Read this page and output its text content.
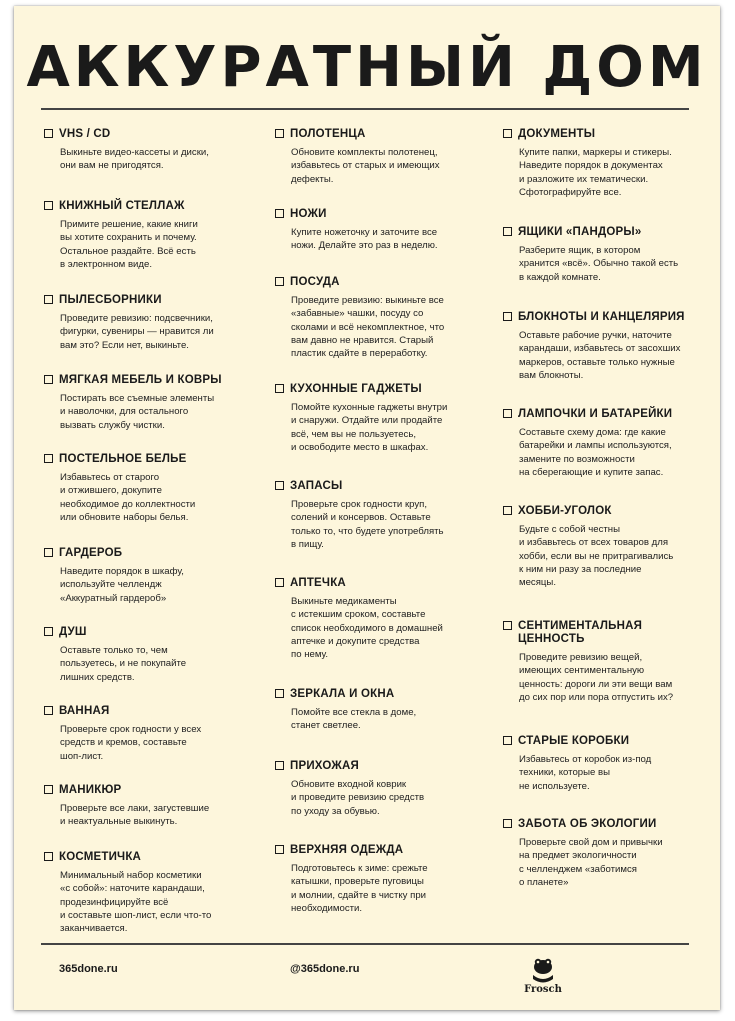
АККУРАТНЫЙ ДОМ
VHS / CD
Выкиньте видео-кассеты и диски,
они вам не пригодятся.
КНИЖНЫЙ СТЕЛЛАЖ
Примите решение, какие книги
вы хотите сохранить и почему.
Остальное раздайте. Всё есть
в электронном виде.
ПЫЛЕСБОРНИКИ
Проведите ревизию: подсвечники,
фигурки, сувениры — нравится ли
вам это? Если нет, выкиньте.
МЯГКАЯ МЕБЕЛЬ И КОВРЫ
Постирать все съемные элементы
и наволочки, для остального
вызвать службу чистки.
ПОСТЕЛЬНОЕ БЕЛЬЕ
Избавьтесь от старого
и отжившего, докупите
необходимое до коллектности
или обновите наборы белья.
ГАРДЕРОБ
Наведите порядок в шкафу,
используйте челлендж
«Аккуратный гардероб»
ДУШ
Оставьте только то, чем
пользуетесь, и не покупайте
лишних средств.
ВАННАЯ
Проверьте срок годности у всех
средств и кремов, составьте
шоп-лист.
МАНИКЮР
Проверьте все лаки, загустевшие
и неактуальные выкинуть.
КОСМЕТИЧКА
Минимальный набор косметики
«с собой»: наточите карандаши,
продезинфицируйте всё
и составьте шоп-лист, если что-то
заканчивается.
ПОЛОТЕНЦА
Обновите комплекты полотенец,
избавьтесь от старых и имеющих
дефекты.
НОЖИ
Купите ножеточку и заточите все
ножи. Делайте это раз в неделю.
ПОСУДА
Проведите ревизию: выкиньте все
«забавные» чашки, посуду со
сколами и всё некомплектное, что
вам давно не нравится. Старый
пластик сдайте в переработку.
КУХОННЫЕ ГАДЖЕТЫ
Помойте кухонные гаджеты внутри
и снаружи. Отдайте или продайте
всё, чем вы не пользуетесь,
и освободите место в шкафах.
ЗАПАСЫ
Проверьте срок годности круп,
солений и консервов. Оставьте
только то, что будете употреблять
в пищу.
АПТЕЧКА
Выкиньте медикаменты
с истекшим сроком, составьте
список необходимого в домашней
аптечке и докупите средства
по нему.
ЗЕРКАЛА И ОКНА
Помойте все стекла в доме,
станет светлее.
ПРИХОЖАЯ
Обновите входной коврик
и проведите ревизию средств
по уходу за обувью.
ВЕРХНЯЯ ОДЕЖДА
Подготовьтесь к зиме: срежьте
катышки, проверьте пуговицы
и молнии, сдайте в чистку при
необходимости.
ДОКУМЕНТЫ
Купите папки, маркеры и стикеры.
Наведите порядок в документах
и разложите их тематически.
Сфотографируйте все.
ЯЩИКИ «ПАНДОРЫ»
Разберите ящик, в котором
хранится «всё». Обычно такой есть
в каждой комнате.
БЛОКНОТЫ И КАНЦЕЛЯРИЯ
Оставьте рабочие ручки, наточите
карандаши, избавьтесь от засохших
маркеров, оставьте только нужные
вам блокноты.
ЛАМПОЧКИ И БАТАРЕЙКИ
Составьте схему дома: где какие
батарейки и лампы используются,
замените по возможности
на сберегающие и купите запас.
ХОББИ-УГОЛОК
Будьте с собой честны
и избавьтесь от всех товаров для
хобби, если вы не притрагивались
к ним ни разу за последние
месяцы.
СЕНТИМЕНТАЛЬНАЯ
ЦЕННОСТЬ
Проведите ревизию вещей,
имеющих сентиментальную
ценность: дороги ли эти вещи вам
до сих пор или пора отпустить их?
СТАРЫЕ КОРОБКИ
Избавьтесь от коробок из-под
техники, которые вы
не используете.
ЗАБОТА ОБ ЭКОЛОГИИ
Проверьте свой дом и привычки
на предмет экологичности
с челленджем «заботимся
о планете»
365done.ru	@365done.ru
Frosch
